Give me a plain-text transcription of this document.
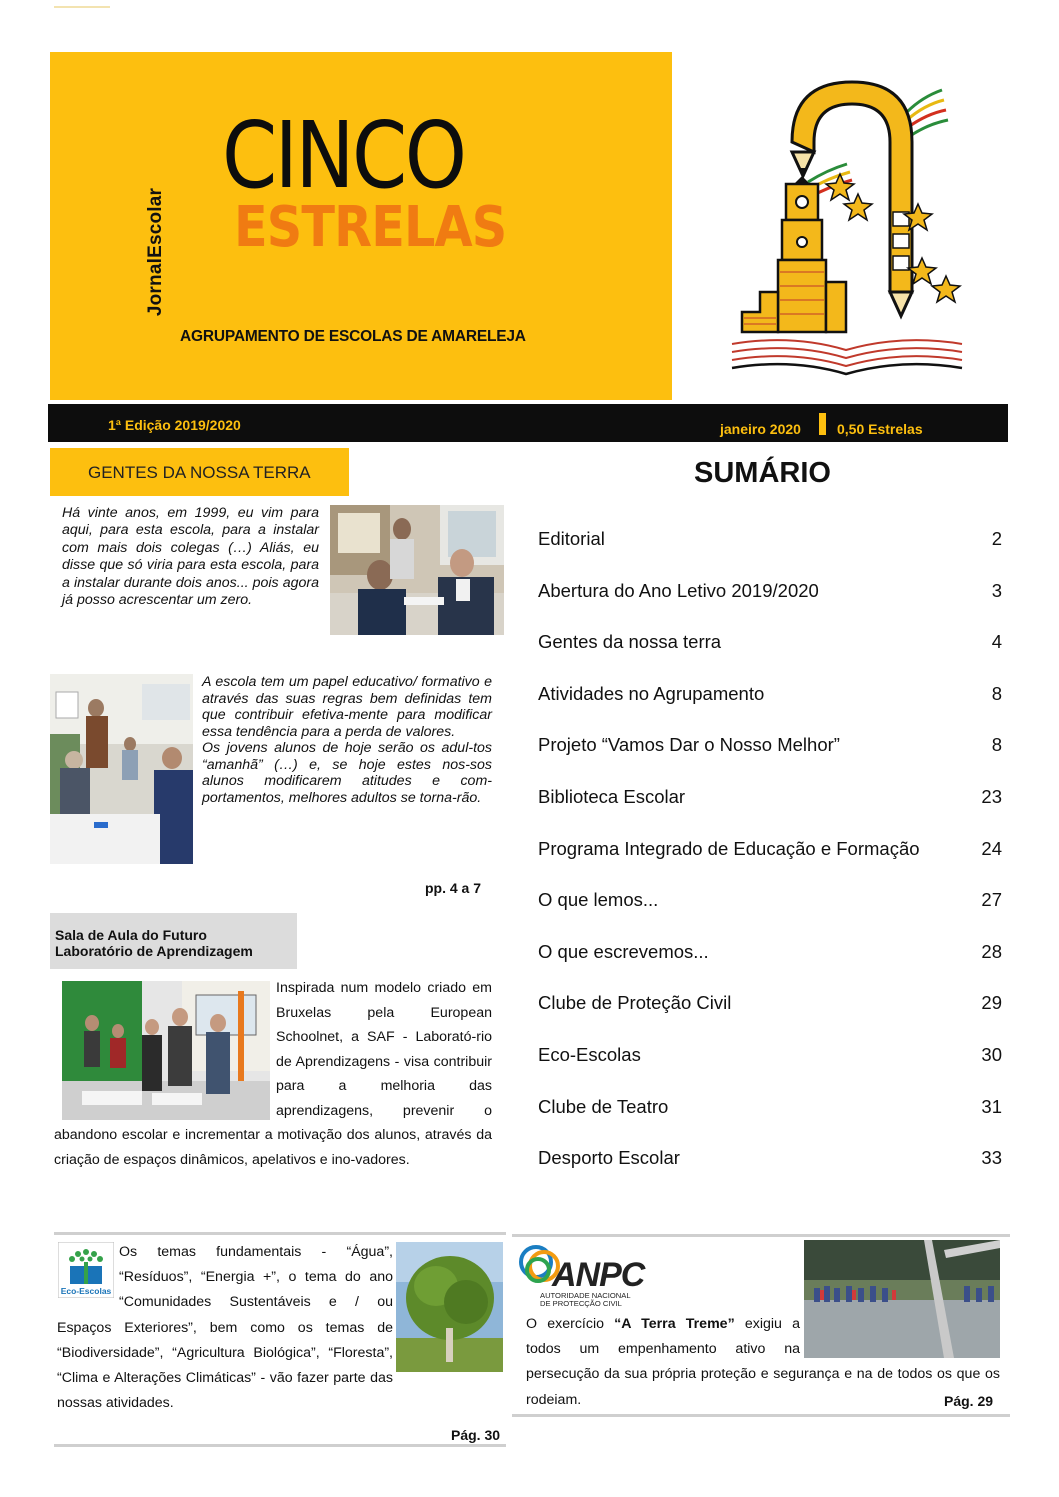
JornalEscolar
CINCO
ESTRELAS
AGRUPAMENTO DE ESCOLAS DE AMARELEJA
1ª Edição 2019/2020	janeiro 2020	0,50 Estrelas
GENTES DA NOSSA TERRA
Há vinte anos, em 1999, eu vim para aqui, para esta escola, para a instalar com mais dois colegas (…) Aliás, eu disse que só viria para esta escola, para a instalar durante dois anos... pois agora já posso acrescentar um zero.
A escola tem um papel educativo/ formativo e através das suas regras bem definidas tem que contribuir efetiva-mente para modificar essa tendência para a perda de valores.
Os jovens alunos de hoje serão os adul-tos “amanhã” (…) e, se hoje estes nos-sos alunos modificarem atitudes e com-portamentos, melhores adultos se torna-rão.
pp. 4 a 7
Sala de Aula do Futuro
Laboratório de Aprendizagem
Inspirada num modelo criado em Bruxelas pela European Schoolnet, a SAF - Laborató-rio de Aprendizagens - visa contribuir para a melhoria das aprendizagens, prevenir o abandono escolar e incrementar a motivação dos alunos, através da criação de espaços dinâmicos, apelativos e ino-vadores.
SUMÁRIO
Editorial	2
Abertura do Ano Letivo 2019/2020	3
Gentes da nossa terra	4
Atividades no Agrupamento	8
Projeto “Vamos Dar o Nosso Melhor”	8
Biblioteca Escolar	23
Programa Integrado de Educação e Formação	24
O que lemos...	27
O que escrevemos...	28
Clube de Proteção Civil	29
Eco-Escolas	30
Clube de Teatro	31
Desporto Escolar	33
Os temas fundamentais - “Água”, “Resíduos”, “Energia +”, o tema do ano “Comunidades Sustentáveis e / ou Espaços Exteriores”, bem como os temas de “Biodiversidade”, “Agricultura Biológica”, “Floresta”, “Clima e Alterações Climáticas” - vão fazer parte das nossas atividades.
Eco-Escolas
Pág. 30
ANPC
AUTORIDADE NACIONAL
DE PROTECÇÃO CIVIL
O exercício “A Terra Treme” exigiu a todos um empenhamento ativo na persecução da sua própria proteção e segurança e na de todos os que os rodeiam.	Pág. 29
